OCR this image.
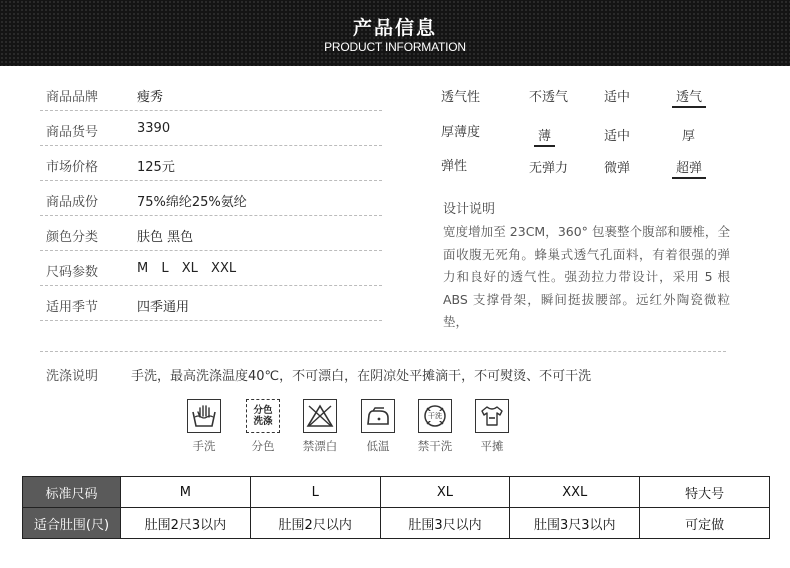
产品信息
PRODUCT INFORMATION
商品品牌	瘦秀
商品货号	3390
市场价格	125元
商品成份	75%绵纶25%氨纶
颜色分类	肤色 黑色
尺码参数	M L XL XXL
适用季节	四季通用
透气性	不透气	适中	透气
厚薄度	薄	适中	厚
弹性	无弹力	微弹	超弹
设计说明
宽度增加至 23CM，360° 包裹整个腹部和腰椎，全面收腹无死角。蜂巢式透气孔面料，有着很强的弹力和良好的透气性。强劲拉力带设计，采用 5 根 ABS 支撑骨架，瞬间挺拔腰部。远红外陶瓷微粒垫，
洗涤说明	手洗，最高洗涤温度40℃，不可漂白，在阴凉处平摊滴干，不可熨烫、不可干洗
手洗
分色洗涤
分色	禁漂白	低温
干洗
禁干洗	平摊
标准尺码	M	L	XL	XXL	特大号
适合肚围(尺)	肚围2尺3以内	肚围2尺以内	肚围3尺以内	肚围3尺3以内	可定做
